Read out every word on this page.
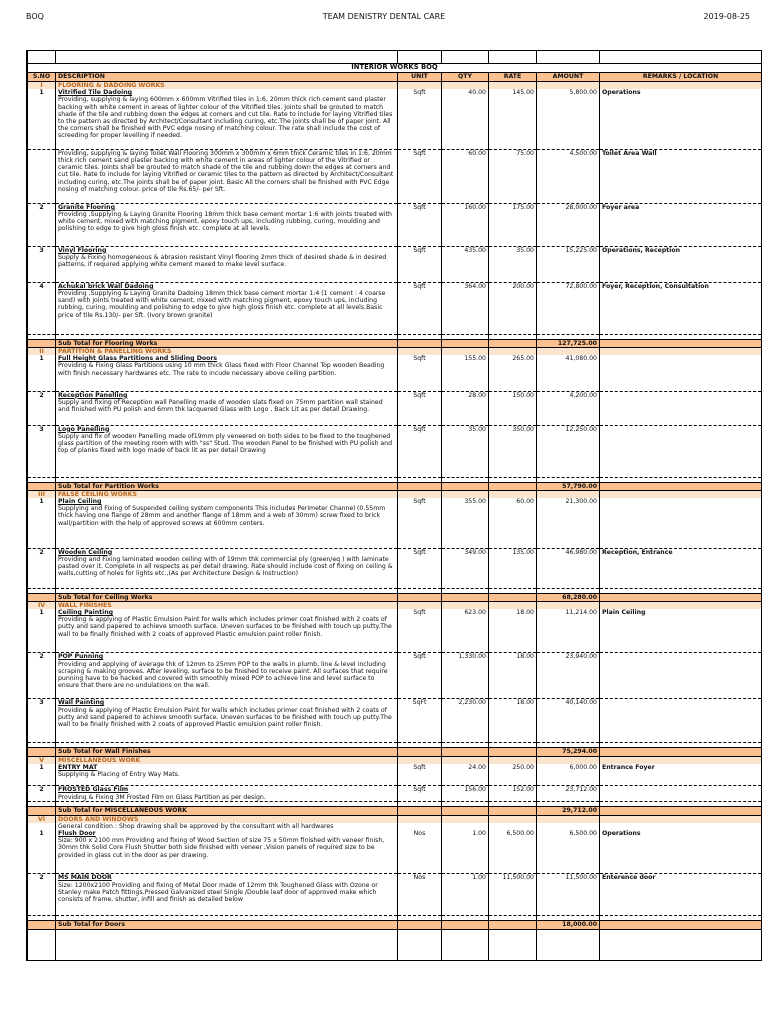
BOQ	TEAM DENISTRY DENTAL CARE	2019-08-25

INTERIOR WORKS BOQ						
S.NO	DESCRIPTION	UNIT	QTY	RATE	AMOUNT	REMARKS / LOCATION
I	FLOORING & DADOING WORKS					
1	Vitrified Tile Dadoing
Providing, supplying & laying 600mm x 600mm Vitrified tiles in 1:6, 20mm thick rich cement sand plaster backing with white cement in areas of lighter colour of the Vitrified tiles. Joints shall be grouted to match shade of the tile and rubbing down the edges at corners and cut tile. Rate to include for laying Vitrified tiles to the pattern as directed by Architect/Consultant including curing, etc.The joints shall be of paper joint. All the corners shall be finished with PVC edge nosing of matching colour. The rate shall include the cost of screeding for proper levelling if needed.	Sqft	40.00	145.00	5,800.00	Operations

	Providing, supplying & laying Toilet Wall Flooring 300mm x 300mm x 6mm thick Ceramic tiles in 1:6, 20mm thick rich cement sand plaster backing with white cement in areas of lighter colour of the Vitrified or ceramic tiles. Joints shall be grouted to match shade of the tile and rubbing down the edges at corners and cut tile. Rate to include for laying Vitrified or ceramic tiles to the pattern as directed by Architect/Consultant including curing, etc.The joints shall be of paper joint. Basic All the corners shall be finished with PVC Edge nosing of matching colour. price of tile Rs.65/- per Sft.	Sqft	60.00	75.00	4,500.00	Toilet Area Wall
2	Granite Flooring
Providing ,Supplying & Laying Granite Flooring 18mm thick base cement mortar 1:6 with joints treated with white cement, mixed with matching pigment, epoxy touch ups, including rubbing, curing, moulding and polishing to edge to give high gloss finish etc. complete at all levels.	Sqft	160.00	175.00	28,000.00	Foyer area
3	Vinyl Flooring
Supply & Fixing homogeneous & abrasion resistant Vinyl flooring 2mm thick of desired shade & in desired patterns, if required applying white cement maxed to make level surface.	Sqft	435.00	35.00	15,225.00	Operations, Reception
4	Achukal brick Wall Dadoing
Providing ,Supplying & Laying Granite Dadoing 18mm thick base cement mortar 1:4 (1 cement : 4 coarse sand) with joints treated with white cement, mixed with matching pigment, epoxy touch ups, including rubbing, curing, moulding and polishing to edge to give high gloss finish etc. complete at all levels.Basic price of tile Rs.130/- per Sft. (Ivory brown granite)	Sqft	364.00	200.00	72,800.00	Foyer, Reception, Consultation

	Sub Total for Flooring Works				127,725.00	
II	PARTITION & PANELLING WORKS					
1	Full Height Glass Partitions and Sliding Doors
Providing & Fixing Glass Partitions using 10 mm thick Glass fixed with Floor Channel Top wooden Beading with finish necessary hardwares etc. The rate to incude necessary above ceiling partition.	Sqft	155.00	265.00	41,080.00	
2	Reception Panelling
Supply and fixing of Reception wall Panelling made of wooden slats fixed on 75mm partition wall stained and finished with PU polish and 6mm thk lacquered Glass with Logo , Back Lit as per detail Drawing.	Sqft	28.00	150.00	4,200.00	
3	Logo Panelling
Supply and fix of wooden Panelling made of19mm ply veneered on both sides to be fixed to the toughened glass partition of the meeting room with with "ss" Stud. The wooden Panel to be finished with PU polish and top of planks fixed with logo made of back lit as per detail Drawing	Sqft	35.00	350.00	12,250.00	

	Sub Total for Partition Works				57,790.00	
III	FALSE CEILING WORKS					
1	Plain Ceiling
Supplying and Fixing of Suspended ceiling system components This includes Perimeter Channel (0.55mm thick having one flange of 28mm and another flange of 18mm and a web of 30mm) screw fixed to brick wall/partition with the help of approved screws at 600mm centers.	Sqft	355.00	60.00	21,300.00	
2	Wooden Ceiling
Providing and Fixing laminated wooden ceiling with of 19mm thk commercial ply (green/eq ) with laminate pasted over it. Complete in all respects as per detail drawing. Rate should include cost of fixing on ceiling & walls,cutting of holes for lights etc.,(As per Architecture Design & Instruction)	Sqft	349.00	135.00	46,980.00	Reception, Entrance

	Sub Total for Ceiling Works				68,280.00	
IV	WALL FINISHES					
1	Ceiling Painting
Providing & applying of Plastic Emulsion Paint for walls which includes primer coat finished with 2 coats of putty and sand papered to achieve smooth surface. Uneven surfaces to be finished with touch up putty.The wall to be finally finished with 2 coats of approved Plastic emulsion paint roller finish.	Sqft	623.00	18.00	11,214.00	Plain Ceiling
2	POP Punning
Providing and applying of average thk of 12mm to 25mm POP to the walls in plumb, line & level including scraping & making grooves. After leveling, surface to be finished to receive paint. All surfaces that require punning have to be hacked and covered with smoothly mixed POP to achieve line and level surface to ensure that there are no undulations on the wall.	Sqft	1,330.00	18.00	23,940.00	
3	Wall Painting
Providing & applying of Plastic Emulsion Paint for walls which includes primer coat finished with 2 coats of putty and sand papered to achieve smooth surface. Uneven surfaces to be finished with touch up putty.The wall to be finally finished with 2 coats of approved Plastic emulsion paint roller finish.	SqFt	2,230.00	18.00	40,140.00	

	Sub Total for Wall Finishes				75,294.00	
V	MISCELLANEOUS WORK					
1	ENTRY MAT
Supplying & Placing of Entry Way Mats.	Sqft	24.00	250.00	6,000.00	Entrance Foyer
2	FROSTED Glass Film
Providing & Fixing 3M Frosted Film on Glass Partition as per design.	Sqft	156.00	152.00	23,712.00	

	Sub Total for MISCELLANEOUS WORK				29,712.00	
VI	DOORS AND WINDOWS					
	General condition : Shop drawing shall be approved by the consultant with all hardwares					
1	Flush Door
Size: 900 x 2100 mm Providing and fixing of Wood Section of size 75 x 50mm finished with veneer finish, 30mm thk Solid Core Flush Shutter both side finished with veneer ,Vision panels of required size to be provided in glass cut in the door as per drawing.	Nos	1.00	6,500.00	6,500.00	Operations
2	MS MAIN DOOR
Size: 1200x2100 Providing and fixing of Metal Door made of 12mm thk Toughened Glass with Ozone or Stanley make Patch fittings.Pressed Galvanized steel Single /Double leaf door of approved make which consists of frame, shutter, infill and finish as detailed below	Nos	1.00	11,500.00	11,500.00	Enterence door

	Sub Total for Doors				18,000.00	
